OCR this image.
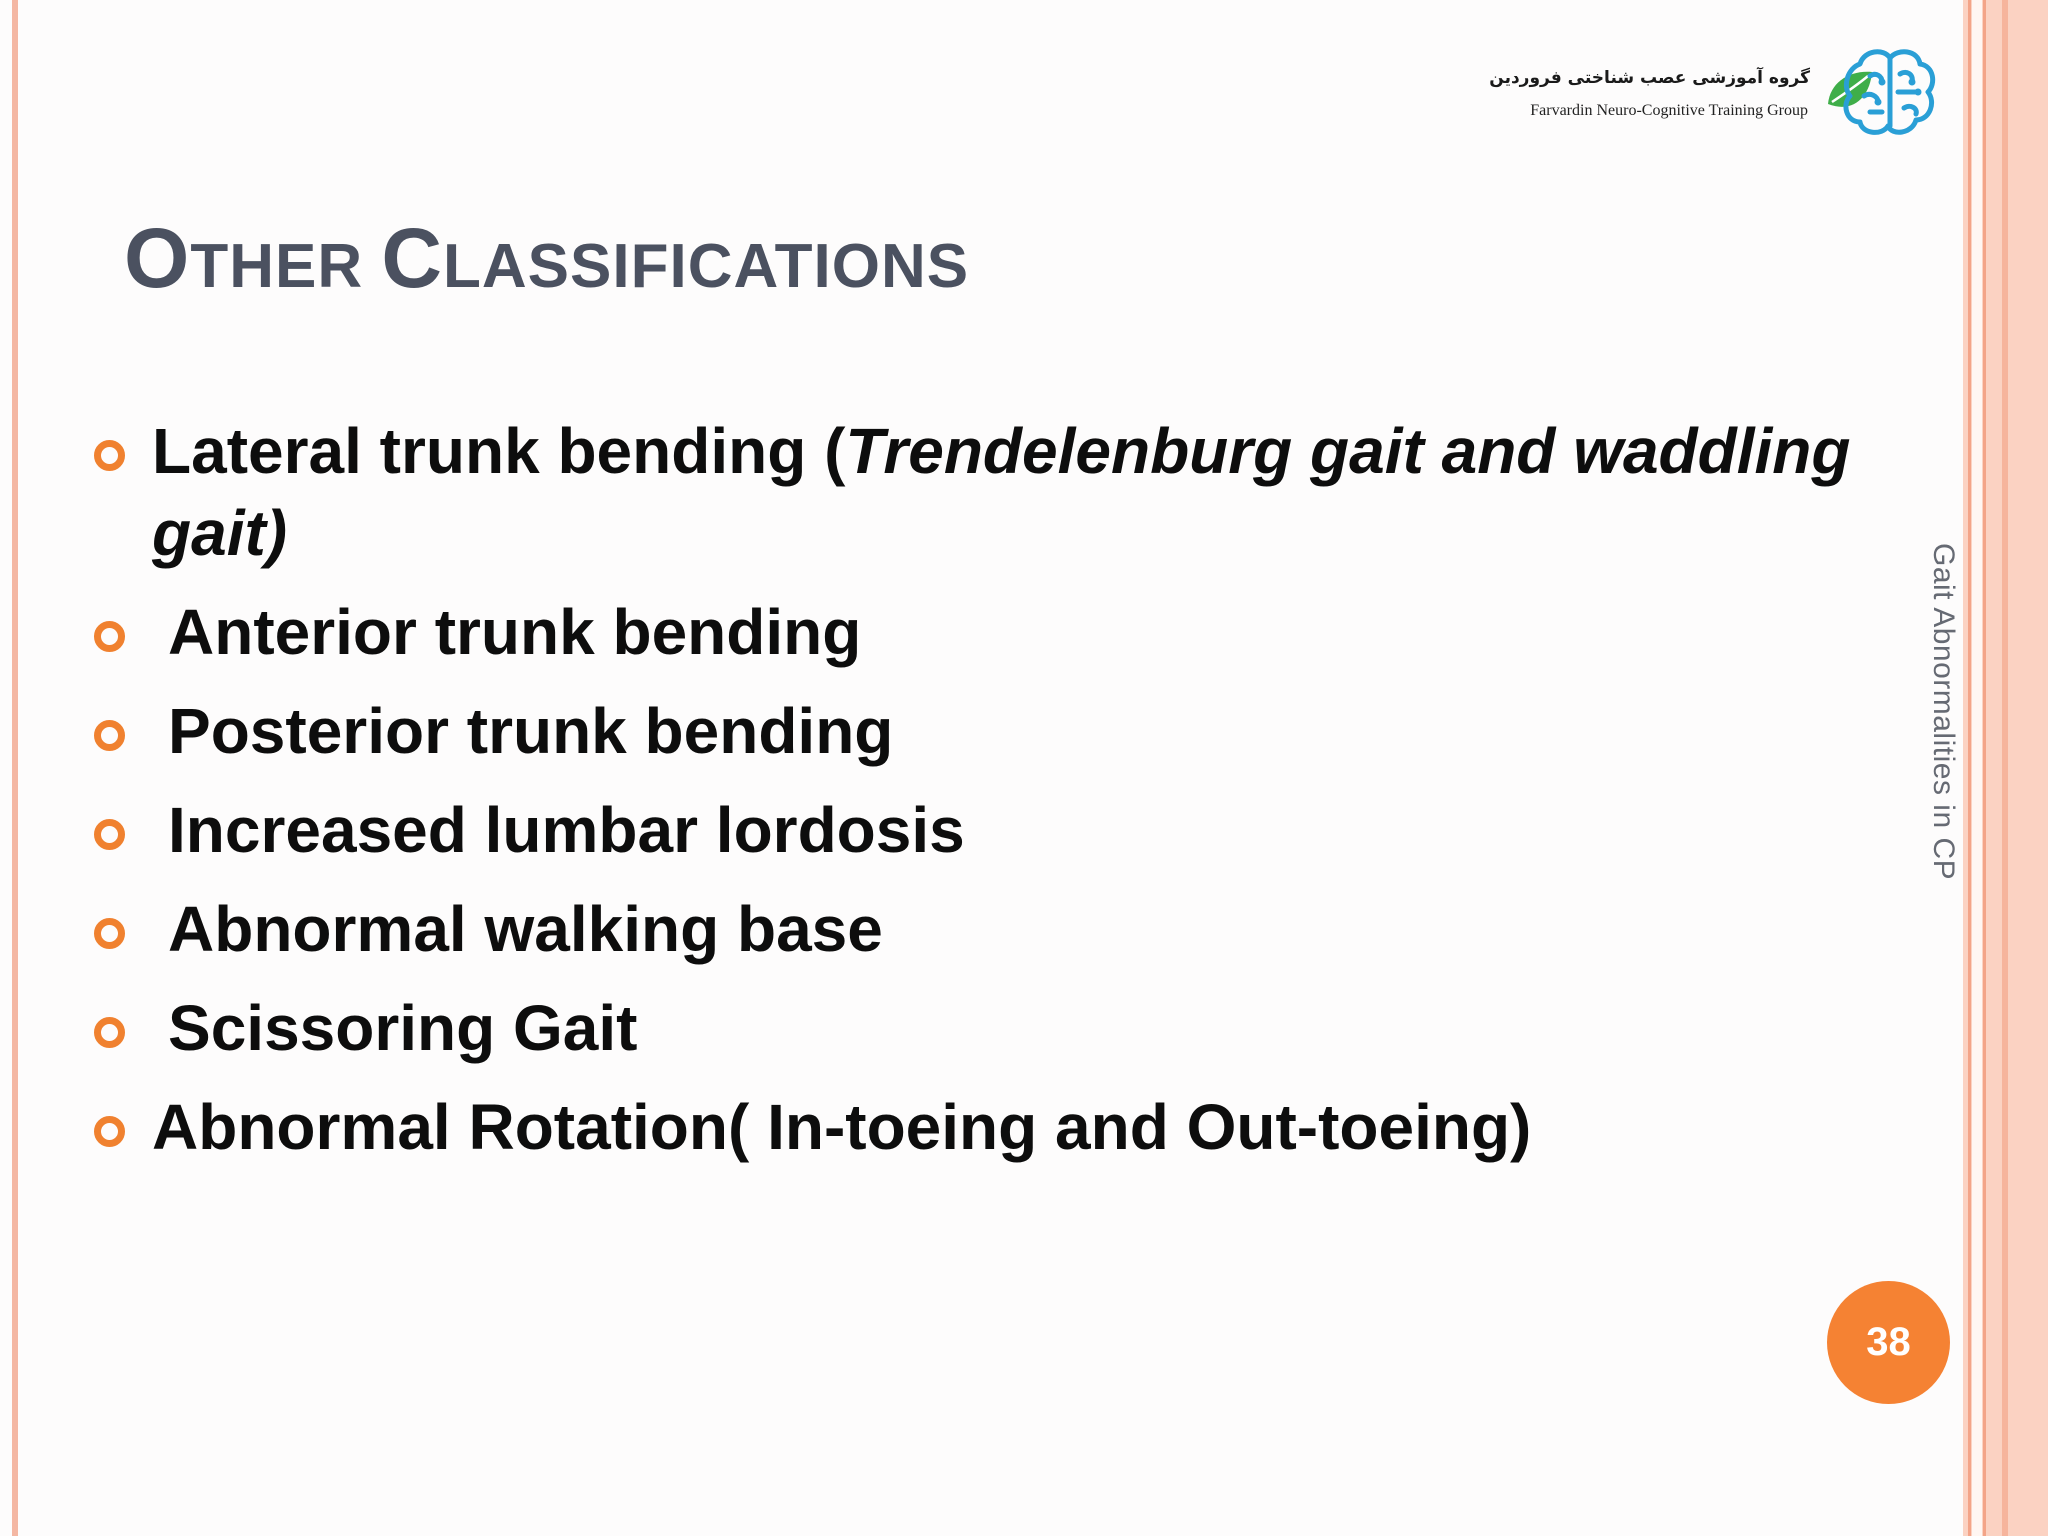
گروه آموزشی عصب شناختی فروردین
Farvardin Neuro-Cognitive Training Group
OTHER CLASSIFICATIONS
Lateral trunk bending (Trendelenburg gait and waddling gait)
Anterior trunk bending
Posterior trunk bending
Increased lumbar lordosis
Abnormal walking base
Scissoring Gait
Abnormal Rotation( In-toeing and Out-toeing)
Gait Abnormalities in CP
38
